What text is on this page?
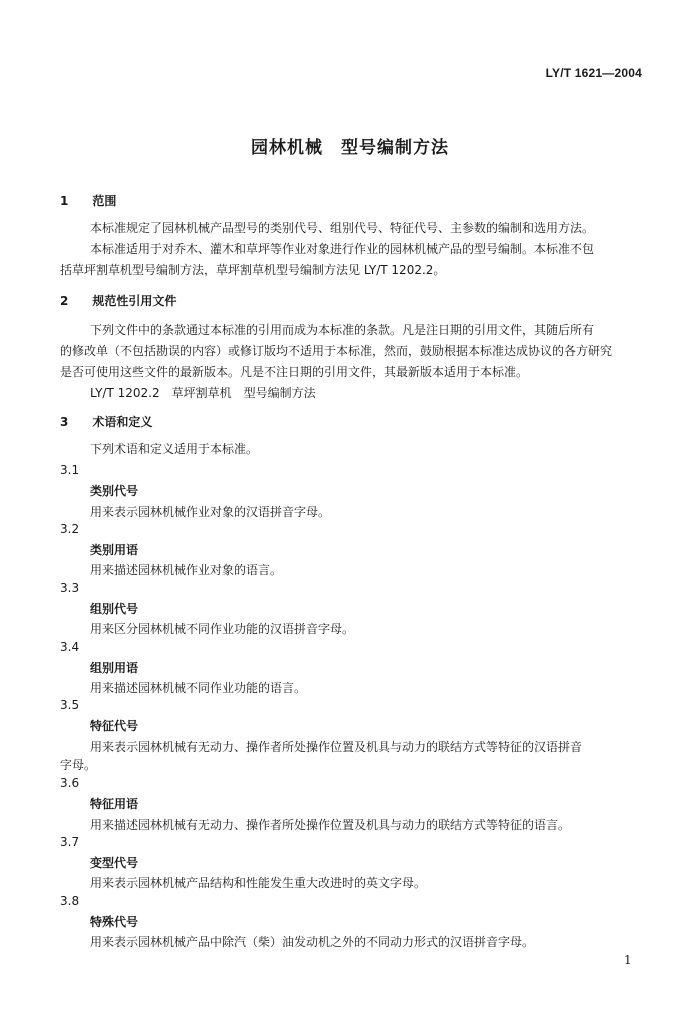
LY/T 1621—2004
园林机械　型号编制方法
1 范围
本标准规定了园林机械产品型号的类别代号、组别代号、特征代号、主参数的编制和选用方法。
本标准适用于对乔木、灌木和草坪等作业对象进行作业的园林机械产品的型号编制。本标准不包
括草坪割草机型号编制方法，草坪割草机型号编制方法见 LY/T 1202.2。
2 规范性引用文件
下列文件中的条款通过本标准的引用而成为本标准的条款。凡是注日期的引用文件，其随后所有
的修改单（不包括勘误的内容）或修订版均不适用于本标准，然而，鼓励根据本标准达成协议的各方研究
是否可使用这些文件的最新版本。凡是不注日期的引用文件，其最新版本适用于本标准。
LY/T 1202.2　草坪割草机　型号编制方法
3 术语和定义
下列术语和定义适用于本标准。
3.1
类别代号
用来表示园林机械作业对象的汉语拼音字母。
3.2
类别用语
用来描述园林机械作业对象的语言。
3.3
组别代号
用来区分园林机械不同作业功能的汉语拼音字母。
3.4
组别用语
用来描述园林机械不同作业功能的语言。
3.5
特征代号
用来表示园林机械有无动力、操作者所处操作位置及机具与动力的联结方式等特征的汉语拼音
字母。
3.6
特征用语
用来描述园林机械有无动力、操作者所处操作位置及机具与动力的联结方式等特征的语言。
3.7
变型代号
用来表示园林机械产品结构和性能发生重大改进时的英文字母。
3.8
特殊代号
用来表示园林机械产品中除汽（柴）油发动机之外的不同动力形式的汉语拼音字母。
1
